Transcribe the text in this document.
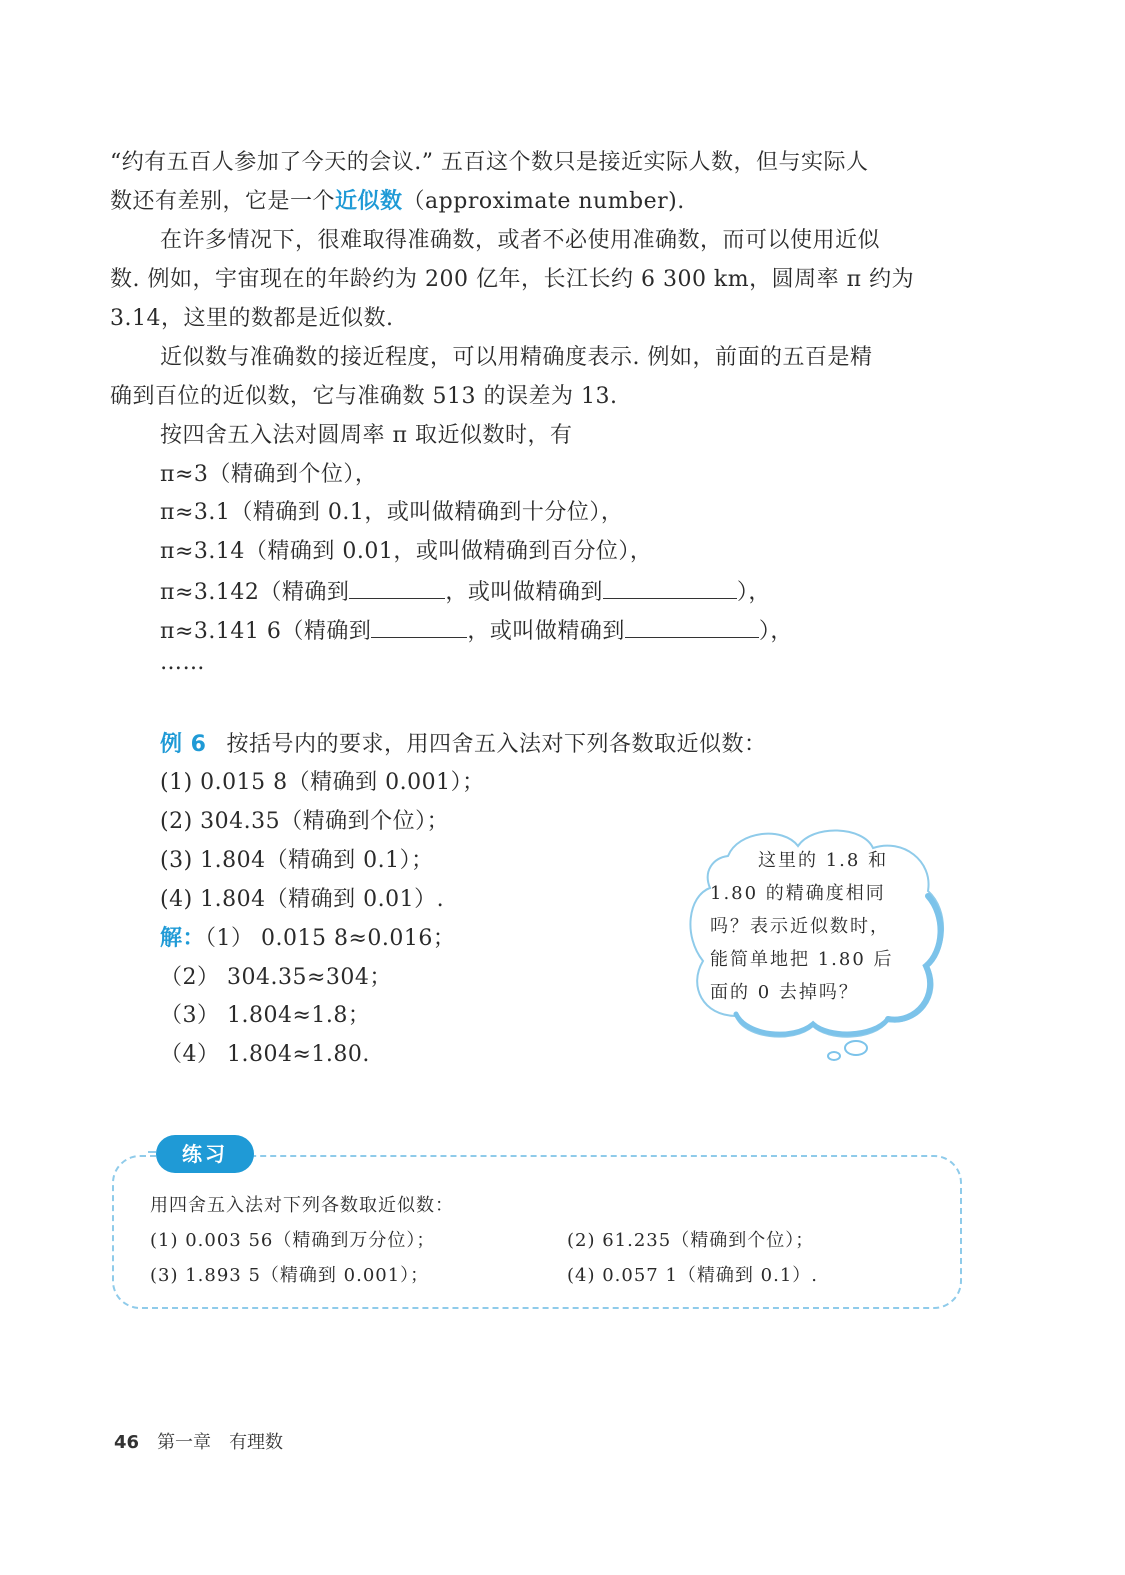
“约有五百人参加了今天的会议.” 五百这个数只是接近实际人数，但与实际人
数还有差别，它是一个近似数（approximate number).
在许多情况下，很难取得准确数，或者不必使用准确数，而可以使用近似
数. 例如，宇宙现在的年龄约为 200 亿年，长江长约 6 300 km，圆周率 π 约为
3.14，这里的数都是近似数.
近似数与准确数的接近程度，可以用精确度表示. 例如，前面的五百是精
确到百位的近似数，它与准确数 513 的误差为 13.
按四舍五入法对圆周率 π 取近似数时，有
π≈3（精确到个位），
π≈3.1（精确到 0.1，或叫做精确到十分位），
π≈3.14（精确到 0.01，或叫做精确到百分位），
π≈3.142（精确到	，或叫做精确到	），
π≈3.141 6（精确到	，或叫做精确到	），
……
例 6 按括号内的要求，用四舍五入法对下列各数取近似数：
(1) 0.015 8（精确到 0.001）；
(2) 304.35（精确到个位）；
(3) 1.804（精确到 0.1）；
(4) 1.804（精确到 0.01）.
解：（1） 0.015 8≈0.016；
（2） 304.35≈304；
（3） 1.804≈1.8；
（4） 1.804≈1.80.
这里的 1.8 和
1.80 的精确度相同
吗？表示近似数时，
能简单地把 1.80 后
面的 0 去掉吗？
练习
用四舍五入法对下列各数取近似数：
(1) 0.003 56（精确到万分位）；	(2) 61.235（精确到个位）；
(3) 1.893 5（精确到 0.001）；	(4) 0.057 1（精确到 0.1）.
46 第一章 有理数
